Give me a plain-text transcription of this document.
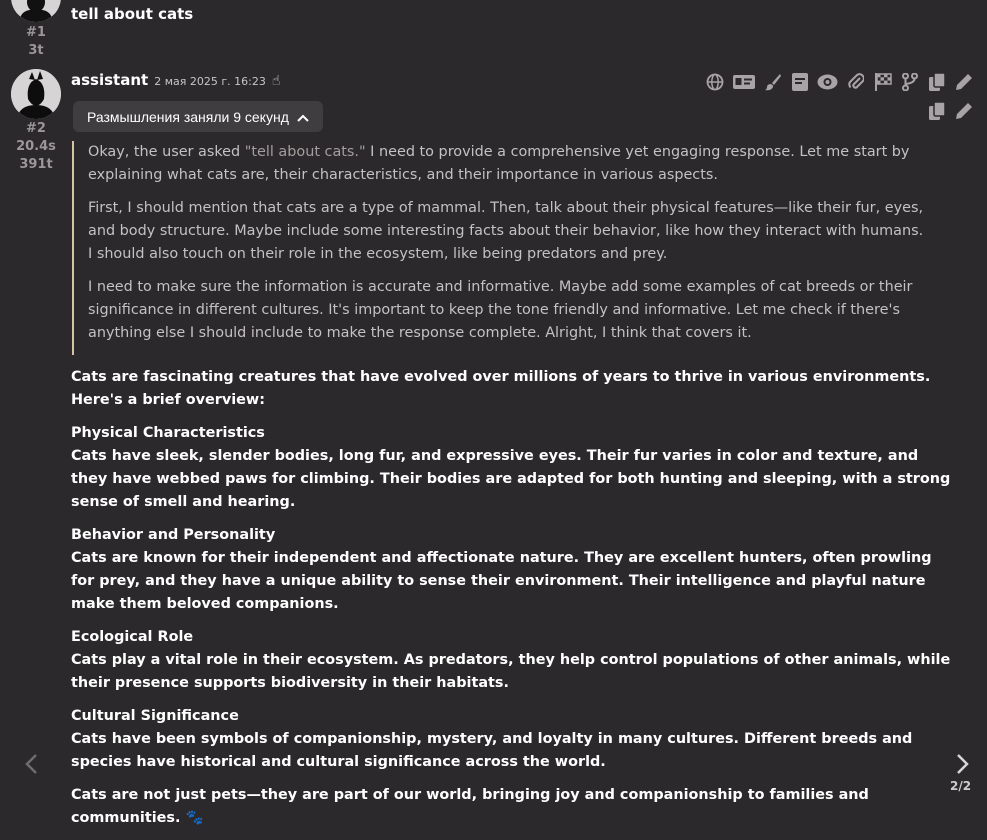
#1
3t
tell about cats
#2
20.4s
391t
assistant 2 мая 2025 г. 16:23 ☝
Размышления заняли 9 секунд

Okay, the user asked "tell about cats." I need to provide a comprehensive yet engaging response. Let me start by explaining what cats are, their characteristics, and their importance in various aspects.

First, I should mention that cats are a type of mammal. Then, talk about their physical features—like their fur, eyes, and body structure. Maybe include some interesting facts about their behavior, like how they interact with humans. I should also touch on their role in the ecosystem, like being predators and prey.

I need to make sure the information is accurate and informative. Maybe add some examples of cat breeds or their significance in different cultures. It's important to keep the tone friendly and informative. Let me check if there's anything else I should include to make the response complete. Alright, I think that covers it.

Cats are fascinating creatures that have evolved over millions of years to thrive in various environments. Here's a brief overview:

Physical Characteristics
Cats have sleek, slender bodies, long fur, and expressive eyes. Their fur varies in color and texture, and they have webbed paws for climbing. Their bodies are adapted for both hunting and sleeping, with a strong sense of smell and hearing.

Behavior and Personality
Cats are known for their independent and affectionate nature. They are excellent hunters, often prowling for prey, and they have a unique ability to sense their environment. Their intelligence and playful nature make them beloved companions.

Ecological Role
Cats play a vital role in their ecosystem. As predators, they help control populations of other animals, while their presence supports biodiversity in their habitats.

Cultural Significance
Cats have been symbols of companionship, mystery, and loyalty in many cultures. Different breeds and species have historical and cultural significance across the world.

Cats are not just pets—they are part of our world, bringing joy and companionship to families and communities. 🐾

2/2
